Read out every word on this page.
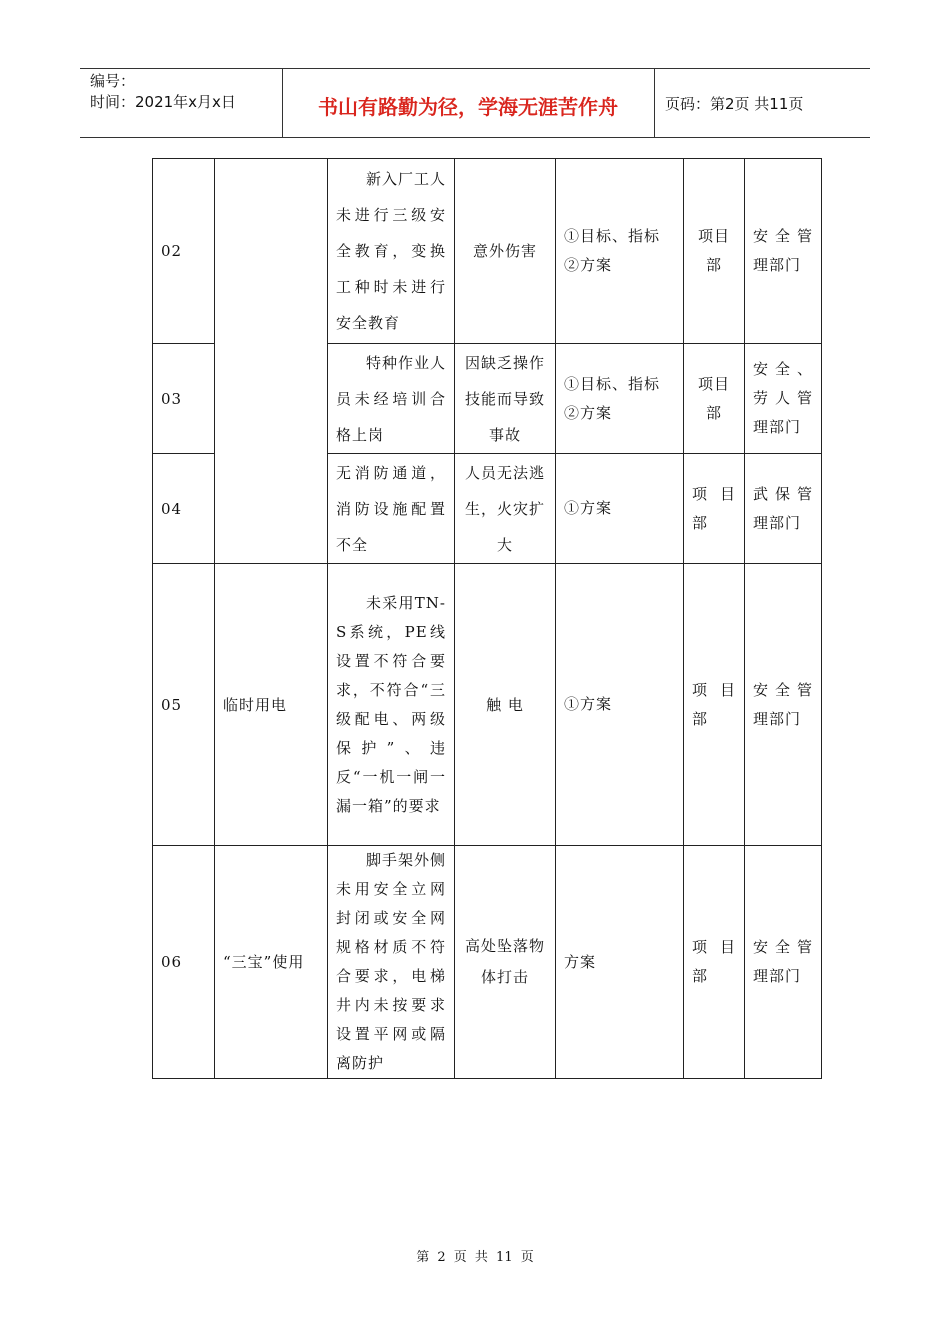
编号：
时间：2021年x月x日	书山有路勤为径，学海无涯苦作舟	页码：第2页 共11页
02		新入厂工人未进行三级安全教育，变换工种时未进行安全教育	意外伤害	①目标、指标 ②方案	项目部	安全管理部门
03		特种作业人员未经培训合格上岗	因缺乏操作技能而导致事故	①目标、指标 ②方案	项目部	安全、劳人管理部门
04		无消防通道，消防设施配置不全	人员无法逃生，火灾扩大	①方案	项 目部	武保管理部门
05	临时用电	未采用TN-S系统，PE线设置不符合要求，不符合“三级配电、两级保护”、违反“一机一闸一漏一箱”的要求	触 电	①方案	项 目部	安全管理部门
06	“三宝”使用	脚手架外侧未用安全立网封闭或安全网规格材质不符合要求，电梯井内未按要求设置平网或隔离防护	高处坠落物体打击	方案	项 目部	安全管理部门
第 2 页 共 11 页
